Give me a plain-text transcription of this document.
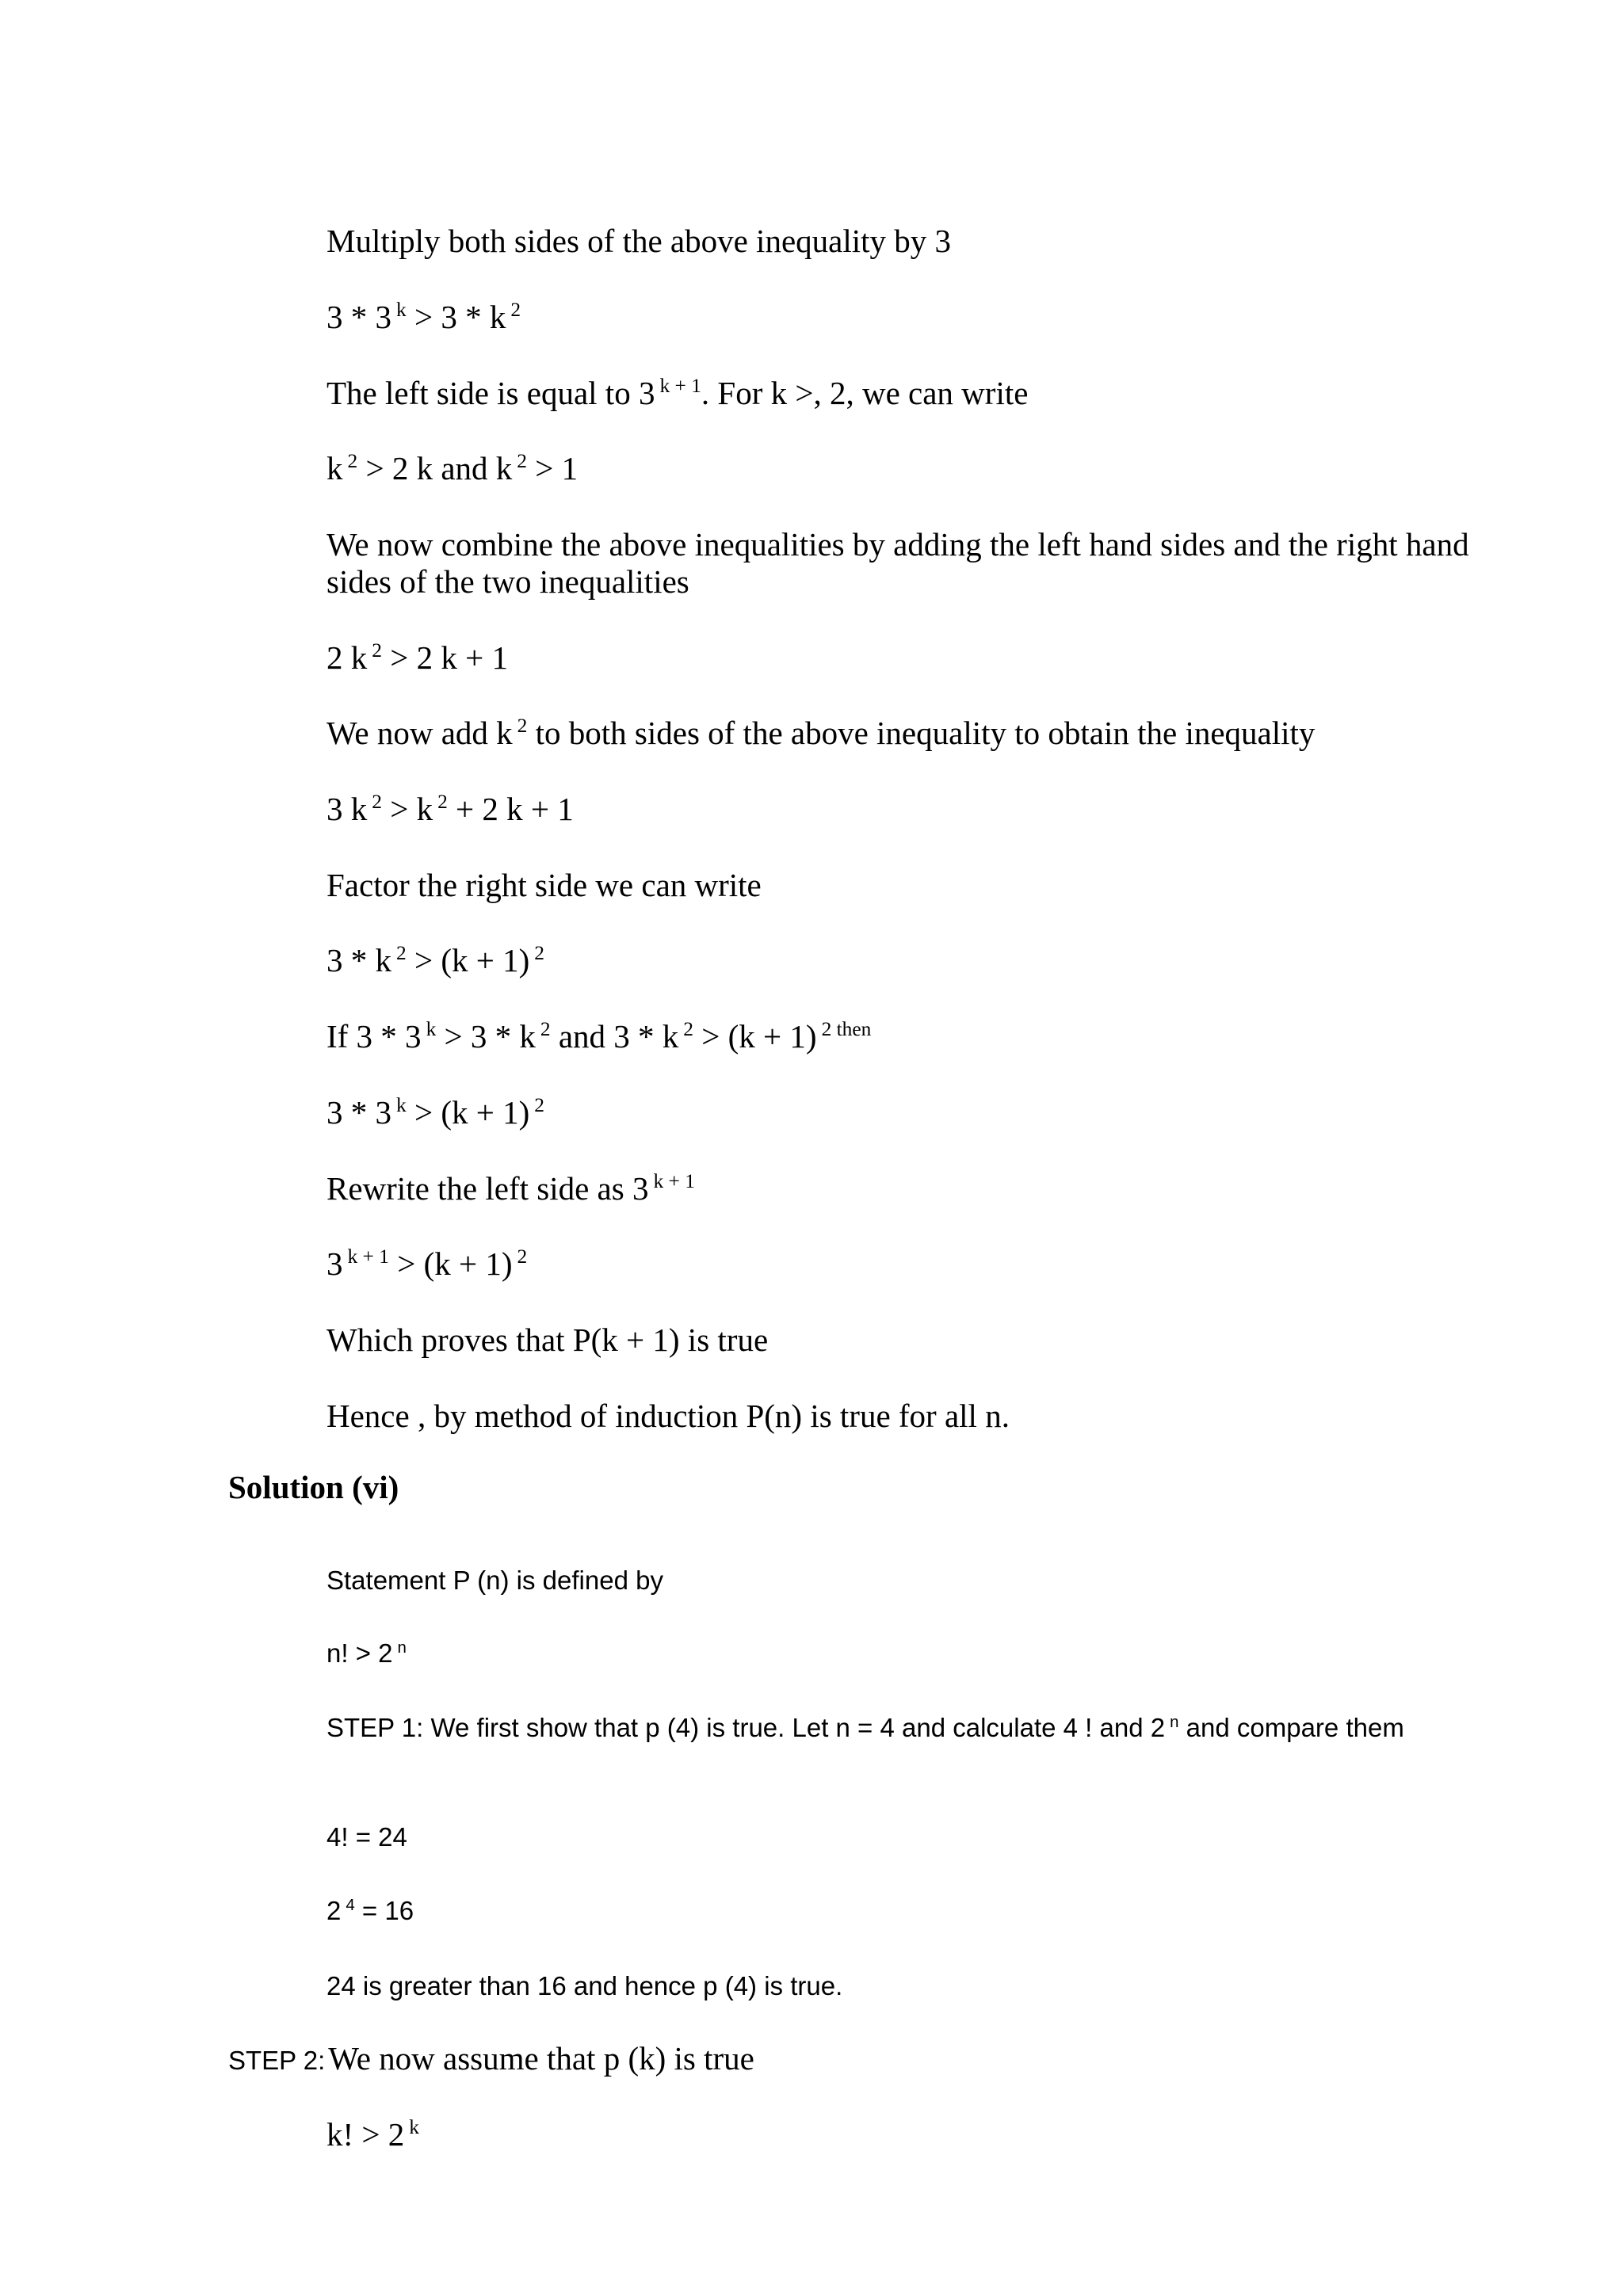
Multiply both sides of the above inequality by 3
3 * 3 $^k$ > 3 * k $^2$
The left side is equal to 3 $^{k + 1}$. For k >, 2, we can write
k $^2$ > 2 k and k $^2$ > 1
We now combine the above inequalities by adding the left hand sides and the right hand sides of the two inequalities
2 k $^2$ > 2 k + 1
We now add k $^2$ to both sides of the above inequality to obtain the inequality
3 k $^2$ > k $^2$ + 2 k + 1
Factor the right side we can write
3 * k $^2$ > (k + 1) $^2$
If 3 * 3 $^k$ > 3 * k $^2$ and 3 * k $^2$ > (k + 1) $^{2 then}$
3 * 3 $^k$ > (k + 1) $^2$
Rewrite the left side as 3 $^{k + 1}$
3 $^{k + 1}$ > (k + 1) $^2$
Which proves that P(k + 1) is true
Hence , by method of induction P(n) is true for all n.
Solution (vi)
Statement P (n) is defined by
n! > 2 $^n$
STEP 1: We first show that p (4) is true. Let n = 4 and calculate 4 ! and 2 $^n$ and compare them
4! = 24
2 $^4$ = 16
24 is greater than 16 and hence p (4) is true.
STEP 2: We now assume that p (k) is true
k! > 2 $^k$
